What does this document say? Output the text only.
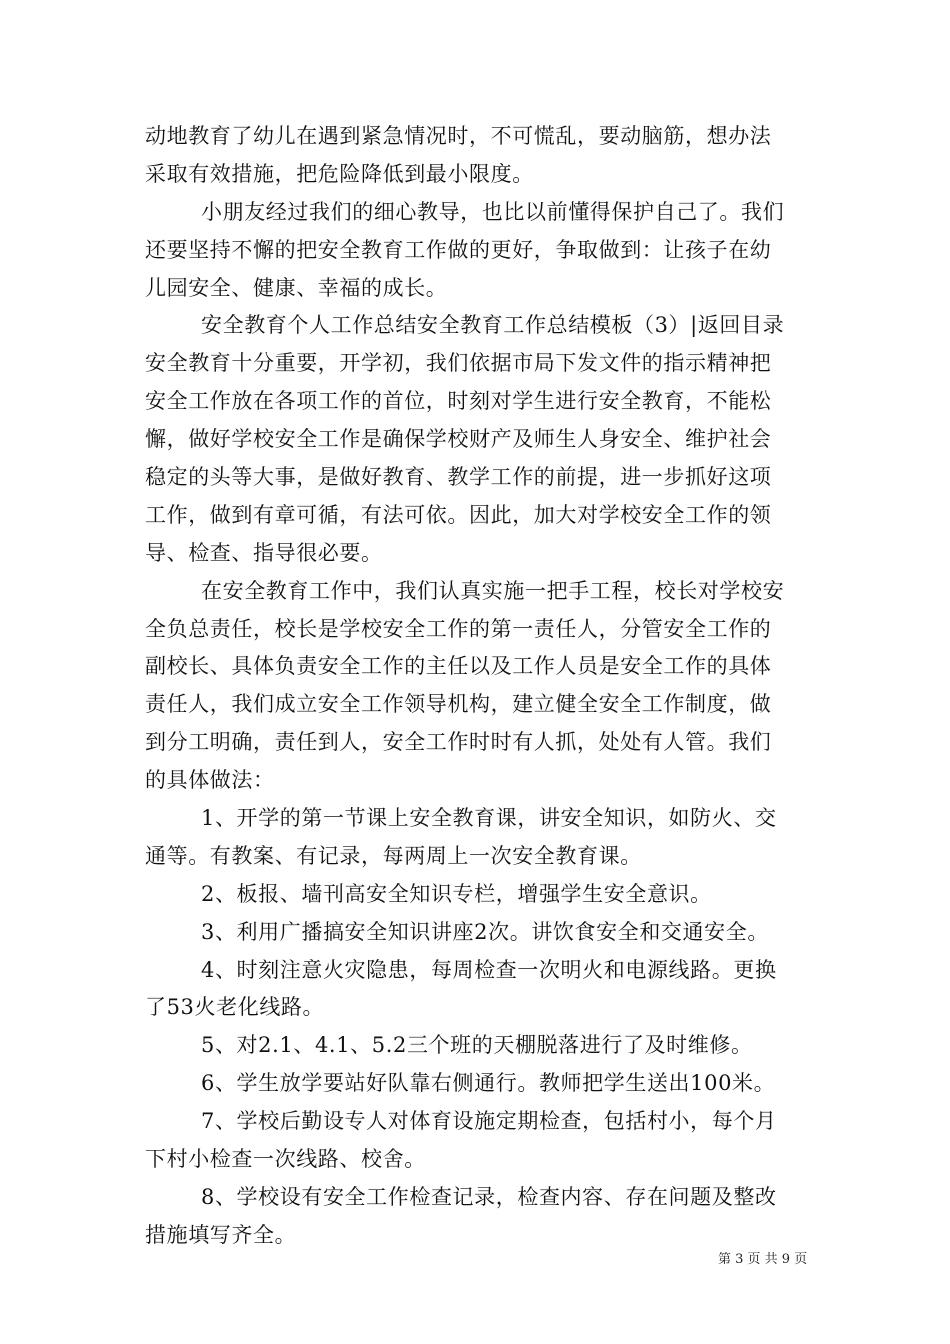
动地教育了幼儿在遇到紧急情况时，不可慌乱，要动脑筋，想办法
采取有效措施，把危险降低到最小限度。
小朋友经过我们的细心教导，也比以前懂得保护自己了。我们
还要坚持不懈的把安全教育工作做的更好，争取做到：让孩子在幼
儿园安全、健康、幸福的成长。
安全教育个人工作总结安全教育工作总结模板（3）|返回目录
安全教育十分重要，开学初，我们依据市局下发文件的指示精神把
安全工作放在各项工作的首位，时刻对学生进行安全教育，不能松
懈，做好学校安全工作是确保学校财产及师生人身安全、维护社会
稳定的头等大事，是做好教育、教学工作的前提，进一步抓好这项
工作，做到有章可循，有法可依。因此，加大对学校安全工作的领
导、检查、指导很必要。
在安全教育工作中，我们认真实施一把手工程，校长对学校安
全负总责任，校长是学校安全工作的第一责任人，分管安全工作的
副校长、具体负责安全工作的主任以及工作人员是安全工作的具体
责任人，我们成立安全工作领导机构，建立健全安全工作制度，做
到分工明确，责任到人，安全工作时时有人抓，处处有人管。我们
的具体做法：
1、开学的第一节课上安全教育课，讲安全知识，如防火、交
通等。有教案、有记录，每两周上一次安全教育课。
2、板报、墙刊高安全知识专栏，增强学生安全意识。
3、利用广播搞安全知识讲座2次。讲饮食安全和交通安全。
4、时刻注意火灾隐患，每周检查一次明火和电源线路。更换
了53火老化线路。
5、对2.1、4.1、5.2三个班的天棚脱落进行了及时维修。
6、学生放学要站好队靠右侧通行。教师把学生送出100米。
7、学校后勤设专人对体育设施定期检查，包括村小，每个月
下村小检查一次线路、校舍。
8、学校设有安全工作检查记录，检查内容、存在问题及整改
措施填写齐全。
第 3 页 共 9 页
